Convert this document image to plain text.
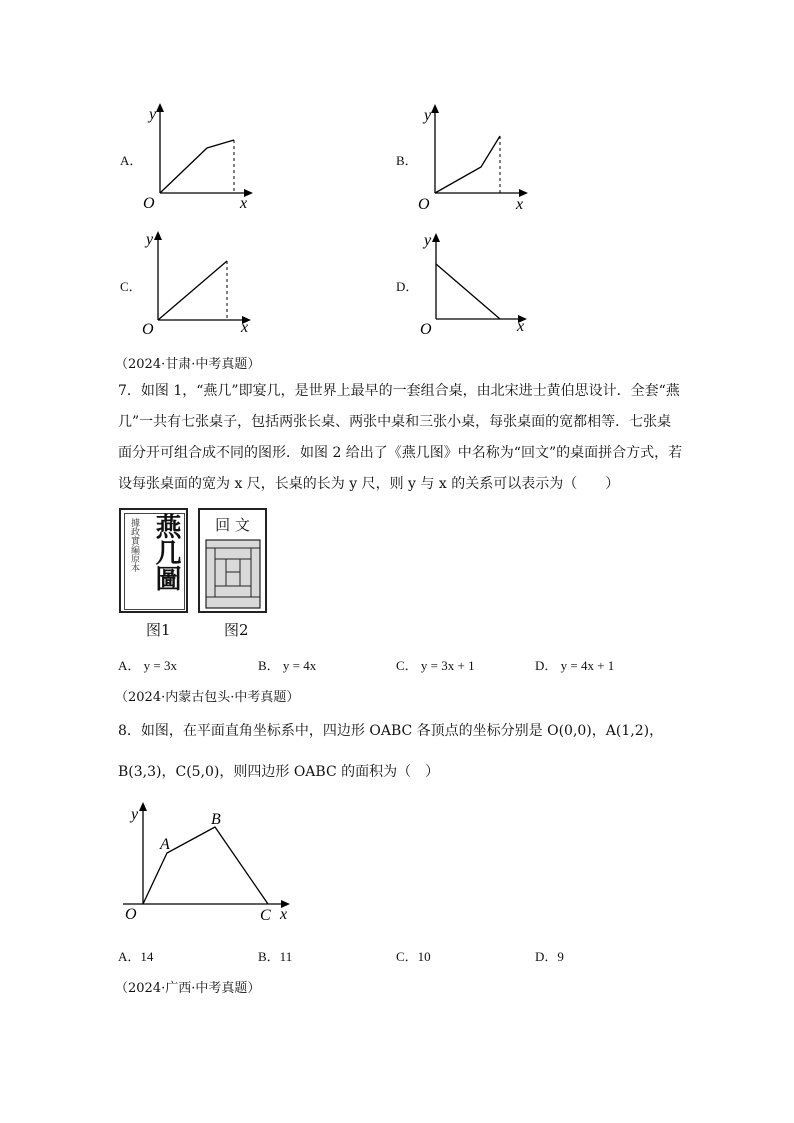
A．
y
O	x
B．
y
O	x
C．
y
O	x
D．
y
O	x
（2024·甘肃·中考真题）
7．如图 1，“燕几”即宴几，是世界上最早的一套组合桌，由北宋进士黄伯思设计．全套“燕
几”一共有七张桌子，包括两张长桌、两张中桌和三张小桌，每张桌面的宽都相等．七张桌
面分开可组合成不同的图形．如图 2 给出了《燕几图》中名称为“回文”的桌面拼合方式，若
设每张桌面的宽为 x 尺，长桌的长为 y 尺，则 y 与 x 的关系可以表示为（　　）
據政實編原本 燕几圖
图1
回 文
图2
A． y = 3x	B． y = 4x	C． y = 3x + 1	D． y = 4x + 1
（2024·内蒙古包头·中考真题）
8．如图，在平面直角坐标系中，四边形 OABC 各顶点的坐标分别是 O(0,0)，A(1,2)，
B(3,3)，C(5,0)，则四边形 OABC 的面积为（　）
y
O
A
B
C x
A．14	B．11	C．10	D．9
（2024·广西·中考真题）
